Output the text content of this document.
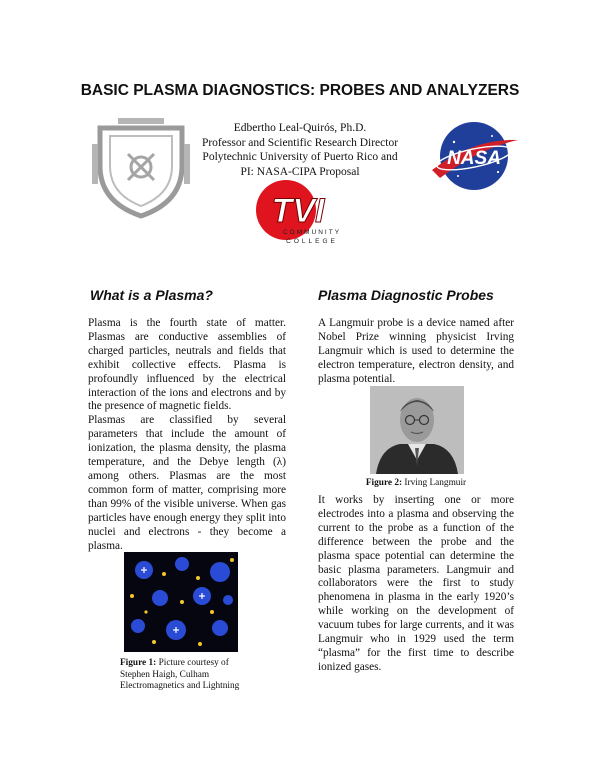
BASIC PLASMA DIAGNOSTICS: PROBES AND ANALYZERS
Edbertho Leal-Quirós, Ph.D.
Professor and Scientific Research Director
Polytechnic University of Puerto Rico and
PI: NASA-CIPA Proposal
NASA
TVI
COMMUNITY
COLLEGE
What is a Plasma?

Plasma is the fourth state of matter. Plasmas are conductive assemblies of charged particles, neutrals and fields that exhibit collective effects. Plasma is profoundly influenced by the electrical interaction of the ions and electrons and by the presence of magnetic fields.

Plasmas are classified by several parameters that include the amount of ionization, the plasma density, the plasma temperature, and the Debye length (λ) among others. Plasmas are the most common form of matter, comprising more than 99% of the visible universe. When gas particles have enough energy they split into nuclei and electrons - they become a plasma.

Figure 1: Picture courtesy of Stephen Haigh, Culham Electromagnetics and Lightning
Plasma Diagnostic Probes

A Langmuir probe is a device named after Nobel Prize winning physicist Irving Langmuir which is used to determine the electron temperature, electron density, and plasma potential.

Figure 2: Irving Langmuir

It works by inserting one or more electrodes into a plasma and observing the current to the probe as a function of the difference between the probe and the plasma space potential can determine the basic plasma parameters. Langmuir and collaborators were the first to study phenomena in plasma in the early 1920’s while working on the development of vacuum tubes for large currents, and it was Langmuir who in 1929 used the term “plasma” for the first time to describe ionized gases.
